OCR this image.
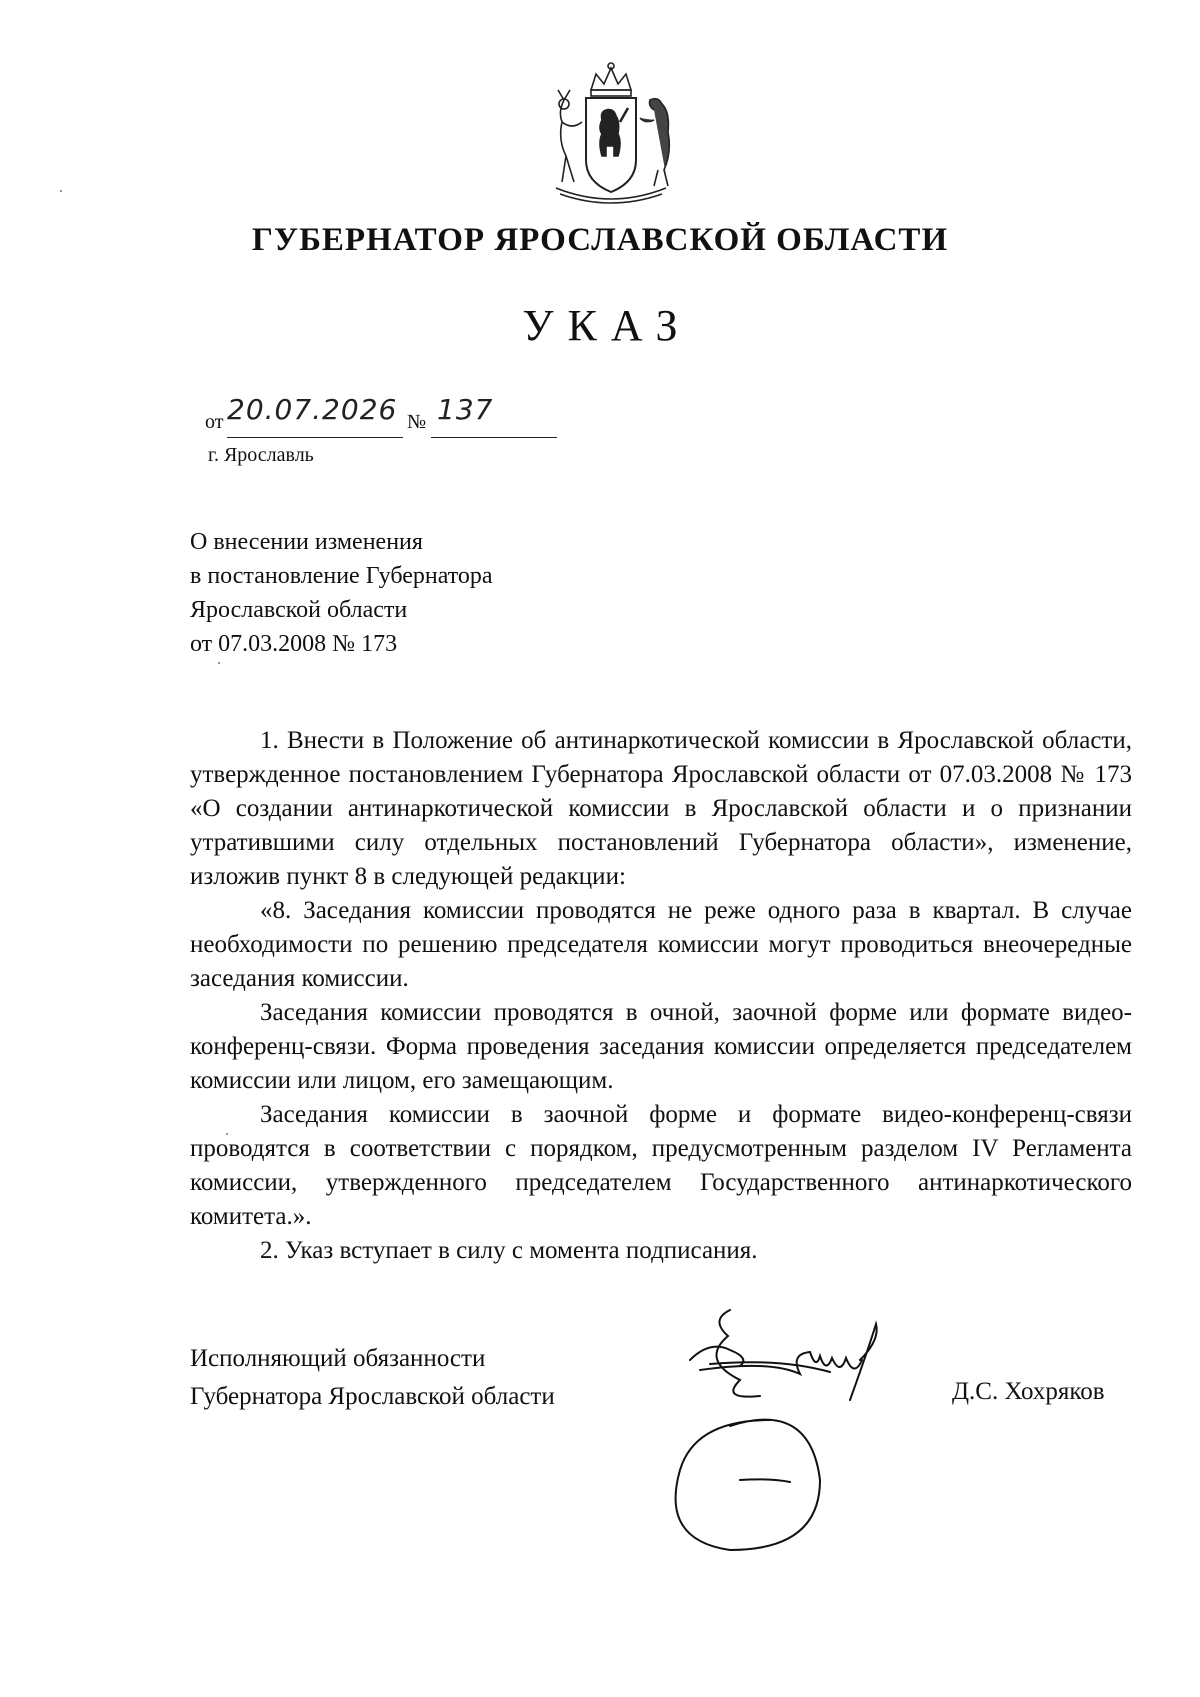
ГУБЕРНАТОР ЯРОСЛАВСКОЙ ОБЛАСТИ
УКАЗ
от 20.07.2026 № 137
г. Ярославль
О внесении изменения
в постановление Губернатора
Ярославской области
от 07.03.2008 № 173

1. Внести в Положение об антинаркотической комиссии в Ярославской области, утвержденное постановлением Губернатора Ярославской области от 07.03.2008 № 173 «О создании антинаркотической комиссии в Ярославской области и о признании утратившими силу отдельных постановлений Губернатора области», изменение, изложив пункт 8 в следующей редакции:

«8. Заседания комиссии проводятся не реже одного раза в квартал. В случае необходимости по решению председателя комиссии могут проводиться внеочередные заседания комиссии.

Заседания комиссии проводятся в очной, заочной форме или формате видео-конференц-связи. Форма проведения заседания комиссии определяется председателем комиссии или лицом, его замещающим.

Заседания комиссии в заочной форме и формате видео-конференц-связи проводятся в соответствии с порядком, предусмотренным разделом IV Регламента комиссии, утвержденного председателем Государственного антинаркотического комитета.».

2. Указ вступает в силу с момента подписания.

Исполняющий обязанности
Губернатора Ярославской области	Д.С. Хохряков
